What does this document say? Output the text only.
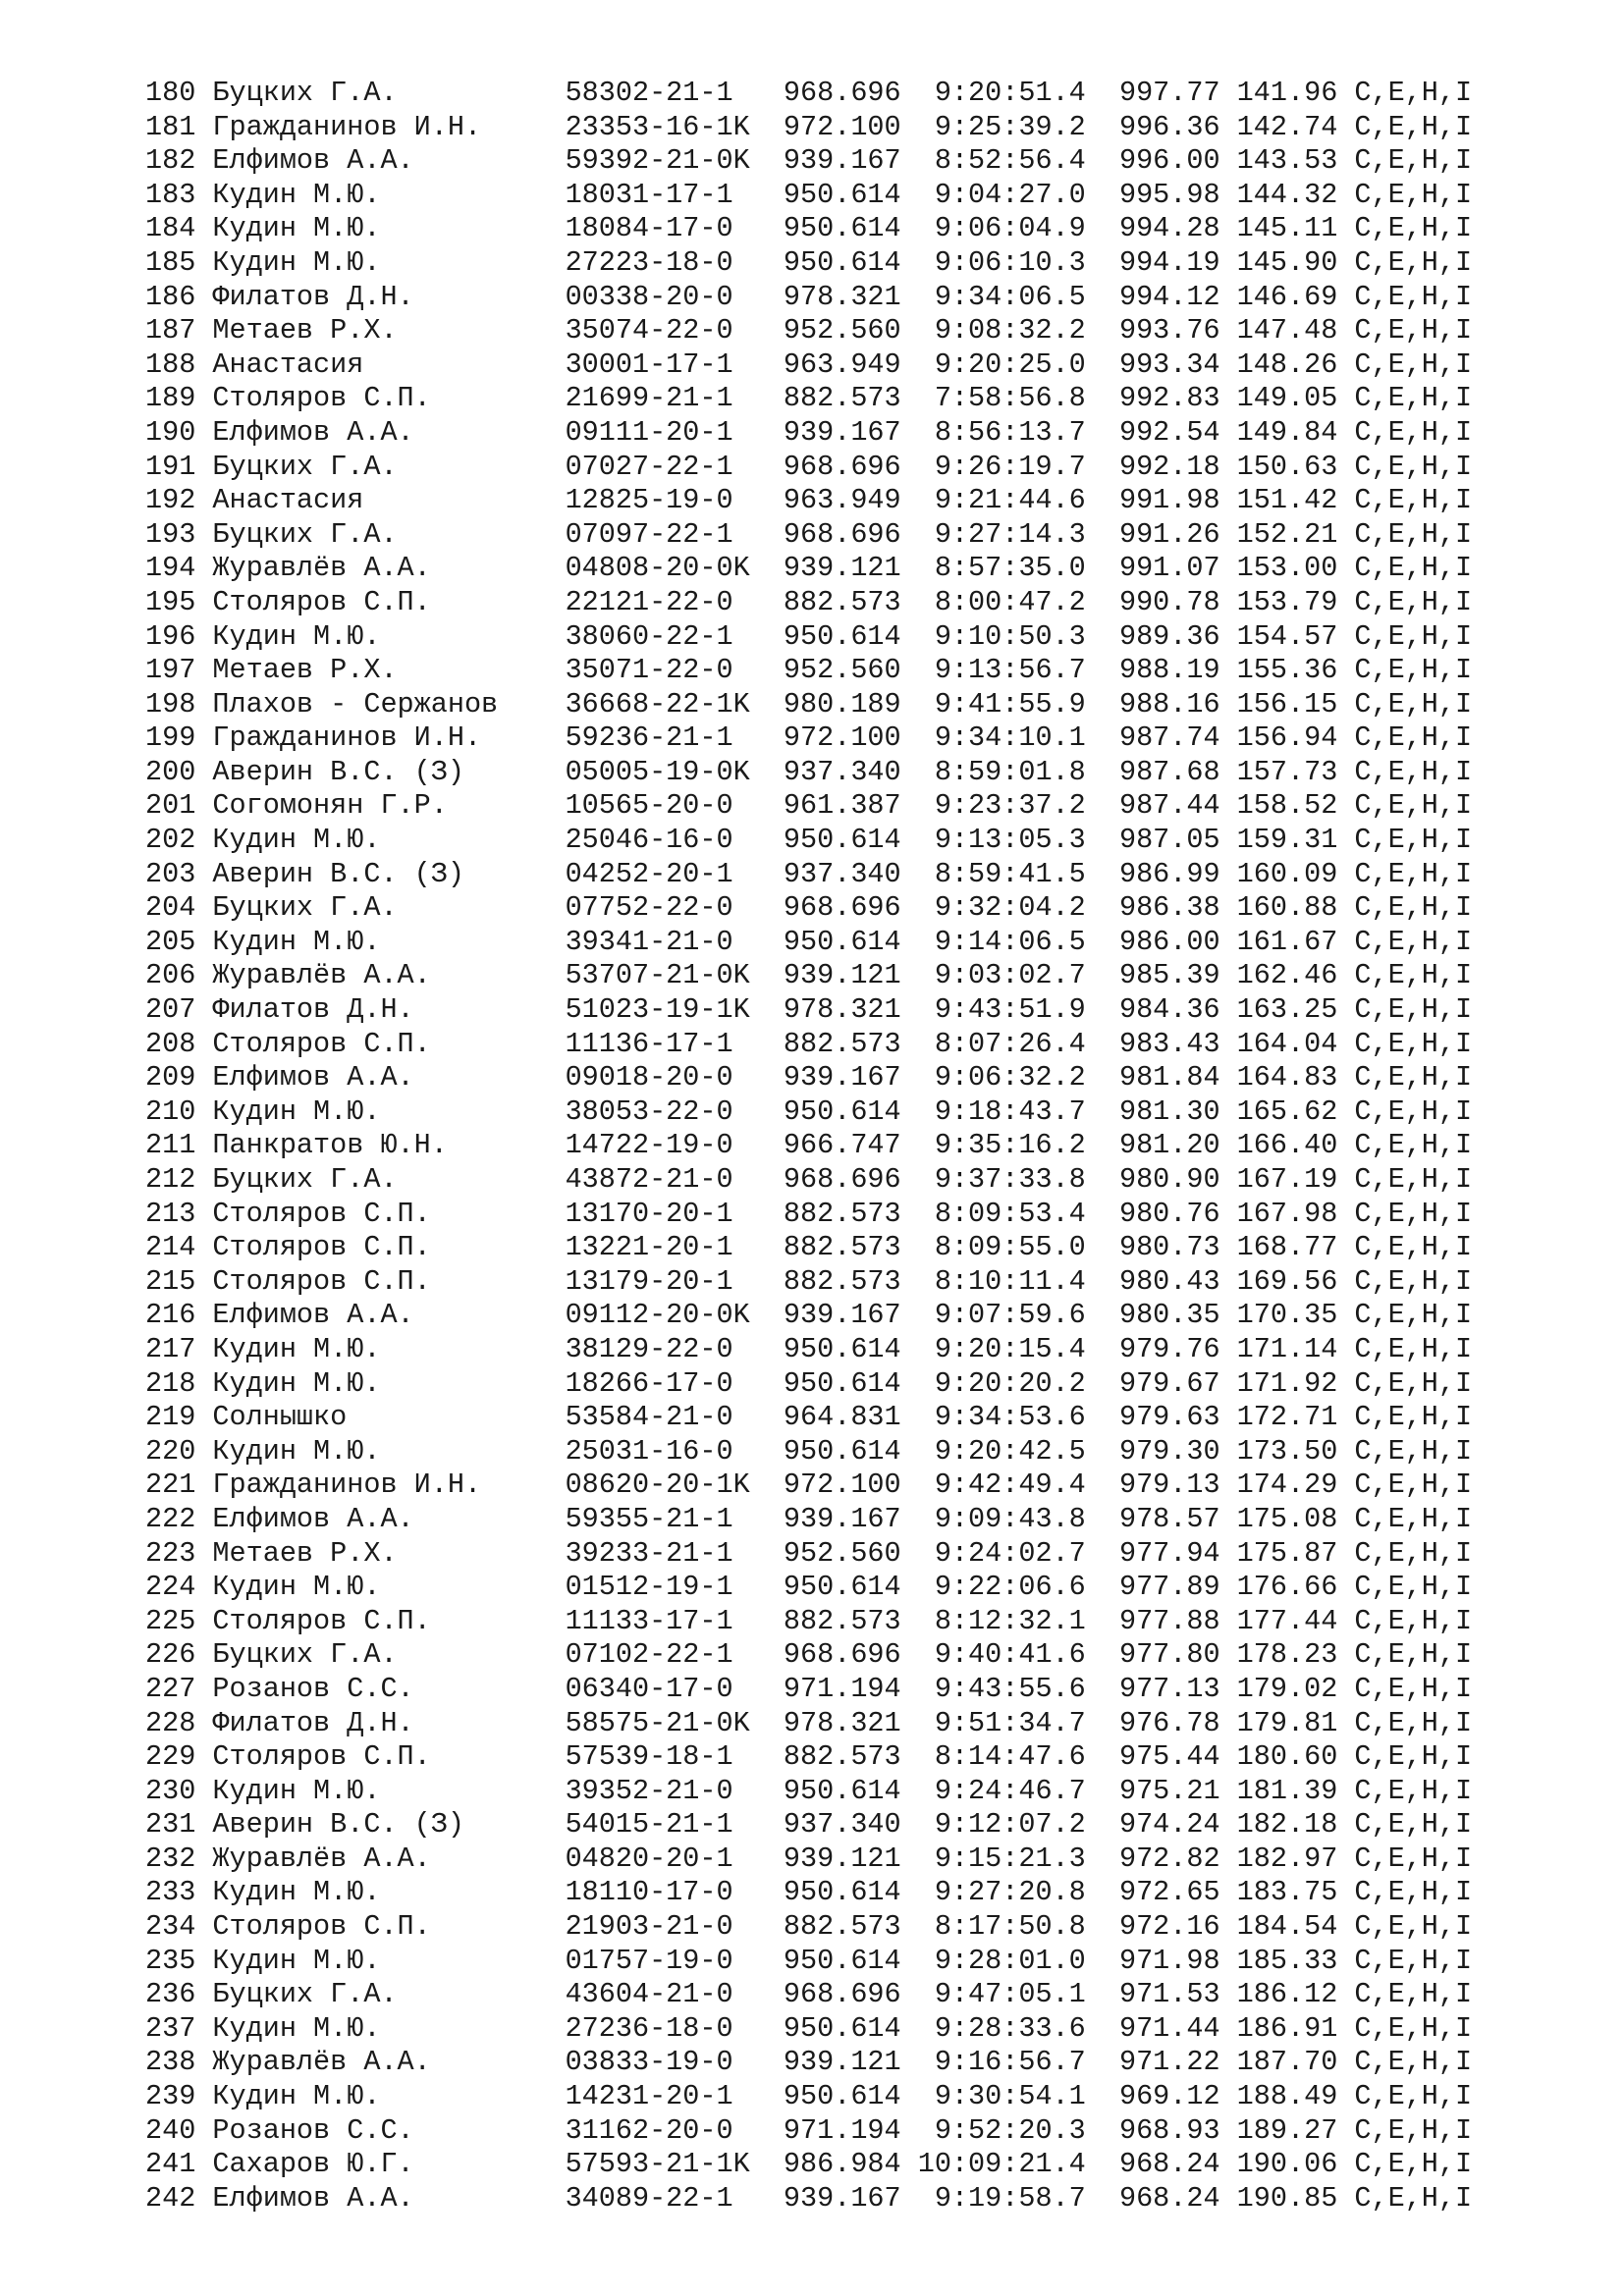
180 Буцких Г.А.          58302-21-1   968.696  9:20:51.4  997.77 141.96 C,E,H,I
181 Гражданинов И.Н.     23353-16-1K  972.100  9:25:39.2  996.36 142.74 C,E,H,I
182 Елфимов А.А.         59392-21-0K  939.167  8:52:56.4  996.00 143.53 C,E,H,I
183 Кудин М.Ю.           18031-17-1   950.614  9:04:27.0  995.98 144.32 C,E,H,I
184 Кудин М.Ю.           18084-17-0   950.614  9:06:04.9  994.28 145.11 C,E,H,I
185 Кудин М.Ю.           27223-18-0   950.614  9:06:10.3  994.19 145.90 C,E,H,I
186 Филатов Д.Н.         00338-20-0   978.321  9:34:06.5  994.12 146.69 C,E,H,I
187 Метаев Р.Х.          35074-22-0   952.560  9:08:32.2  993.76 147.48 C,E,H,I
188 Анастасия            30001-17-1   963.949  9:20:25.0  993.34 148.26 C,E,H,I
189 Столяров С.П.        21699-21-1   882.573  7:58:56.8  992.83 149.05 C,E,H,I
190 Елфимов А.А.         09111-20-1   939.167  8:56:13.7  992.54 149.84 C,E,H,I
191 Буцких Г.А.          07027-22-1   968.696  9:26:19.7  992.18 150.63 C,E,H,I
192 Анастасия            12825-19-0   963.949  9:21:44.6  991.98 151.42 C,E,H,I
193 Буцких Г.А.          07097-22-1   968.696  9:27:14.3  991.26 152.21 C,E,H,I
194 Журавлёв А.А.        04808-20-0K  939.121  8:57:35.0  991.07 153.00 C,E,H,I
195 Столяров С.П.        22121-22-0   882.573  8:00:47.2  990.78 153.79 C,E,H,I
196 Кудин М.Ю.           38060-22-1   950.614  9:10:50.3  989.36 154.57 C,E,H,I
197 Метаев Р.Х.          35071-22-0   952.560  9:13:56.7  988.19 155.36 C,E,H,I
198 Плахов - Сержанов    36668-22-1K  980.189  9:41:55.9  988.16 156.15 C,E,H,I
199 Гражданинов И.Н.     59236-21-1   972.100  9:34:10.1  987.74 156.94 C,E,H,I
200 Аверин В.С. (З)      05005-19-0K  937.340  8:59:01.8  987.68 157.73 C,E,H,I
201 Согомонян Г.Р.       10565-20-0   961.387  9:23:37.2  987.44 158.52 C,E,H,I
202 Кудин М.Ю.           25046-16-0   950.614  9:13:05.3  987.05 159.31 C,E,H,I
203 Аверин В.С. (З)      04252-20-1   937.340  8:59:41.5  986.99 160.09 C,E,H,I
204 Буцких Г.А.          07752-22-0   968.696  9:32:04.2  986.38 160.88 C,E,H,I
205 Кудин М.Ю.           39341-21-0   950.614  9:14:06.5  986.00 161.67 C,E,H,I
206 Журавлёв А.А.        53707-21-0K  939.121  9:03:02.7  985.39 162.46 C,E,H,I
207 Филатов Д.Н.         51023-19-1K  978.321  9:43:51.9  984.36 163.25 C,E,H,I
208 Столяров С.П.        11136-17-1   882.573  8:07:26.4  983.43 164.04 C,E,H,I
209 Елфимов А.А.         09018-20-0   939.167  9:06:32.2  981.84 164.83 C,E,H,I
210 Кудин М.Ю.           38053-22-0   950.614  9:18:43.7  981.30 165.62 C,E,H,I
211 Панкратов Ю.Н.       14722-19-0   966.747  9:35:16.2  981.20 166.40 C,E,H,I
212 Буцких Г.А.          43872-21-0   968.696  9:37:33.8  980.90 167.19 C,E,H,I
213 Столяров С.П.        13170-20-1   882.573  8:09:53.4  980.76 167.98 C,E,H,I
214 Столяров С.П.        13221-20-1   882.573  8:09:55.0  980.73 168.77 C,E,H,I
215 Столяров С.П.        13179-20-1   882.573  8:10:11.4  980.43 169.56 C,E,H,I
216 Елфимов А.А.         09112-20-0K  939.167  9:07:59.6  980.35 170.35 C,E,H,I
217 Кудин М.Ю.           38129-22-0   950.614  9:20:15.4  979.76 171.14 C,E,H,I
218 Кудин М.Ю.           18266-17-0   950.614  9:20:20.2  979.67 171.92 C,E,H,I
219 Солнышко             53584-21-0   964.831  9:34:53.6  979.63 172.71 C,E,H,I
220 Кудин М.Ю.           25031-16-0   950.614  9:20:42.5  979.30 173.50 C,E,H,I
221 Гражданинов И.Н.     08620-20-1K  972.100  9:42:49.4  979.13 174.29 C,E,H,I
222 Елфимов А.А.         59355-21-1   939.167  9:09:43.8  978.57 175.08 C,E,H,I
223 Метаев Р.Х.          39233-21-1   952.560  9:24:02.7  977.94 175.87 C,E,H,I
224 Кудин М.Ю.           01512-19-1   950.614  9:22:06.6  977.89 176.66 C,E,H,I
225 Столяров С.П.        11133-17-1   882.573  8:12:32.1  977.88 177.44 C,E,H,I
226 Буцких Г.А.          07102-22-1   968.696  9:40:41.6  977.80 178.23 C,E,H,I
227 Розанов С.С.         06340-17-0   971.194  9:43:55.6  977.13 179.02 C,E,H,I
228 Филатов Д.Н.         58575-21-0K  978.321  9:51:34.7  976.78 179.81 C,E,H,I
229 Столяров С.П.        57539-18-1   882.573  8:14:47.6  975.44 180.60 C,E,H,I
230 Кудин М.Ю.           39352-21-0   950.614  9:24:46.7  975.21 181.39 C,E,H,I
231 Аверин В.С. (З)      54015-21-1   937.340  9:12:07.2  974.24 182.18 C,E,H,I
232 Журавлёв А.А.        04820-20-1   939.121  9:15:21.3  972.82 182.97 C,E,H,I
233 Кудин М.Ю.           18110-17-0   950.614  9:27:20.8  972.65 183.75 C,E,H,I
234 Столяров С.П.        21903-21-0   882.573  8:17:50.8  972.16 184.54 C,E,H,I
235 Кудин М.Ю.           01757-19-0   950.614  9:28:01.0  971.98 185.33 C,E,H,I
236 Буцких Г.А.          43604-21-0   968.696  9:47:05.1  971.53 186.12 C,E,H,I
237 Кудин М.Ю.           27236-18-0   950.614  9:28:33.6  971.44 186.91 C,E,H,I
238 Журавлёв А.А.        03833-19-0   939.121  9:16:56.7  971.22 187.70 C,E,H,I
239 Кудин М.Ю.           14231-20-1   950.614  9:30:54.1  969.12 188.49 C,E,H,I
240 Розанов С.С.         31162-20-0   971.194  9:52:20.3  968.93 189.27 C,E,H,I
241 Сахаров Ю.Г.         57593-21-1K  986.984 10:09:21.4  968.24 190.06 C,E,H,I
242 Елфимов А.А.         34089-22-1   939.167  9:19:58.7  968.24 190.85 C,E,H,I
